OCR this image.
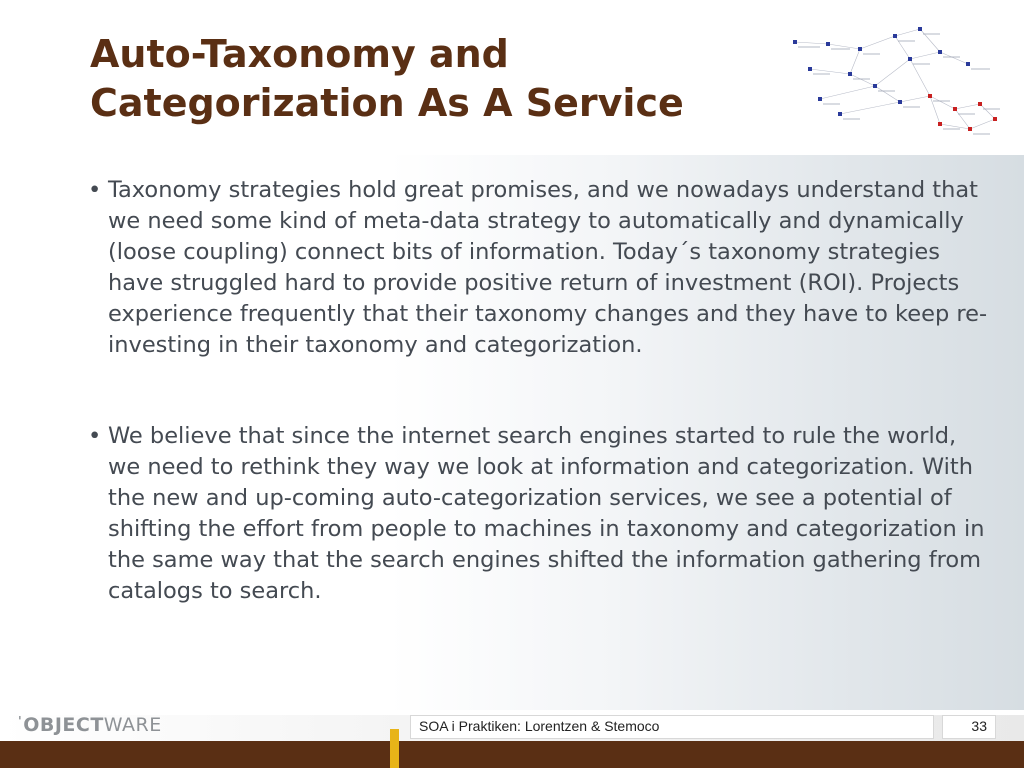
Auto-Taxonomy and
Categorization As A Service

• Taxonomy strategies hold great promises, and we nowadays understand that we need some kind of meta-data strategy to automatically and dynamically (loose coupling) connect bits of information. Today´s taxonomy strategies have struggled hard to provide positive return of investment (ROI). Projects experience frequently that their taxonomy changes and they have to keep re-investing in their taxonomy and categorization.

• We believe that since the internet search engines started to rule the world, we need to rethink they way we look at information and categorization. With the new and up-coming auto-categorization services, we see a potential of shifting the effort from people to machines in taxonomy and categorization in the same way that the search engines shifted the information gathering from catalogs to search.

'OBJECTWARE	SOA i Praktiken: Lorentzen & Stemoco	33
